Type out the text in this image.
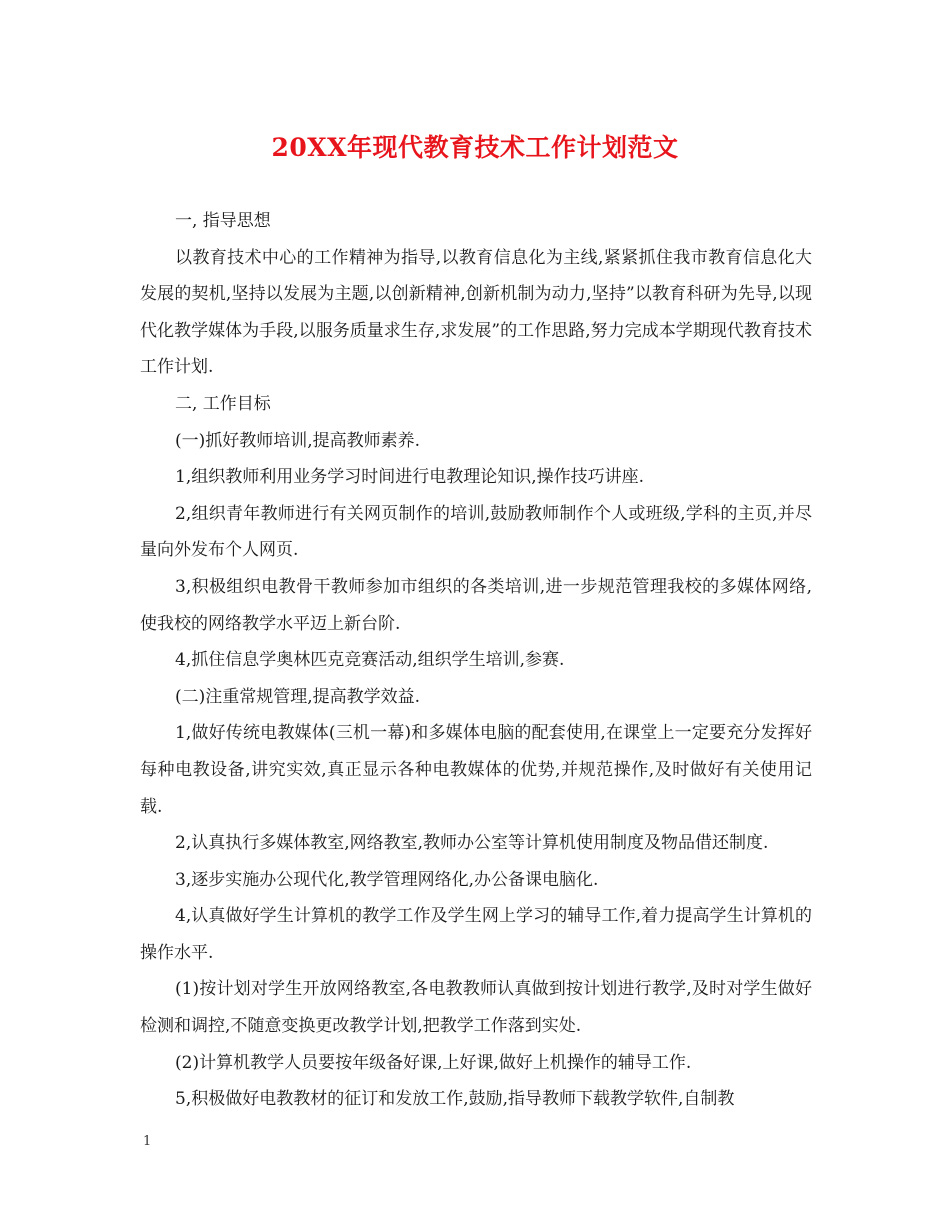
20XX年现代教育技术工作计划范文

一, 指导思想

以教育技术中心的工作精神为指导,以教育信息化为主线,紧紧抓住我市教育信息化大发展的契机,坚持以发展为主题,以创新精神,创新机制为动力,坚持”以教育科研为先导,以现代化教学媒体为手段,以服务质量求生存,求发展”的工作思路,努力完成本学期现代教育技术工作计划.

二, 工作目标

(一)抓好教师培训,提高教师素养.

1,组织教师利用业务学习时间进行电教理论知识,操作技巧讲座.

2,组织青年教师进行有关网页制作的培训,鼓励教师制作个人或班级,学科的主页,并尽量向外发布个人网页.

3,积极组织电教骨干教师参加市组织的各类培训,进一步规范管理我校的多媒体网络,使我校的网络教学水平迈上新台阶.

4,抓住信息学奥林匹克竞赛活动,组织学生培训,参赛.

(二)注重常规管理,提高教学效益.

1,做好传统电教媒体(三机一幕)和多媒体电脑的配套使用,在课堂上一定要充分发挥好每种电教设备,讲究实效,真正显示各种电教媒体的优势,并规范操作,及时做好有关使用记载.

2,认真执行多媒体教室,网络教室,教师办公室等计算机使用制度及物品借还制度.

3,逐步实施办公现代化,教学管理网络化,办公备课电脑化.

4,认真做好学生计算机的教学工作及学生网上学习的辅导工作,着力提高学生计算机的操作水平.

(1)按计划对学生开放网络教室,各电教教师认真做到按计划进行教学,及时对学生做好检测和调控,不随意变换更改教学计划,把教学工作落到实处.

(2)计算机教学人员要按年级备好课,上好课,做好上机操作的辅导工作.

5,积极做好电教教材的征订和发放工作,鼓励,指导教师下载教学软件,自制教

1
